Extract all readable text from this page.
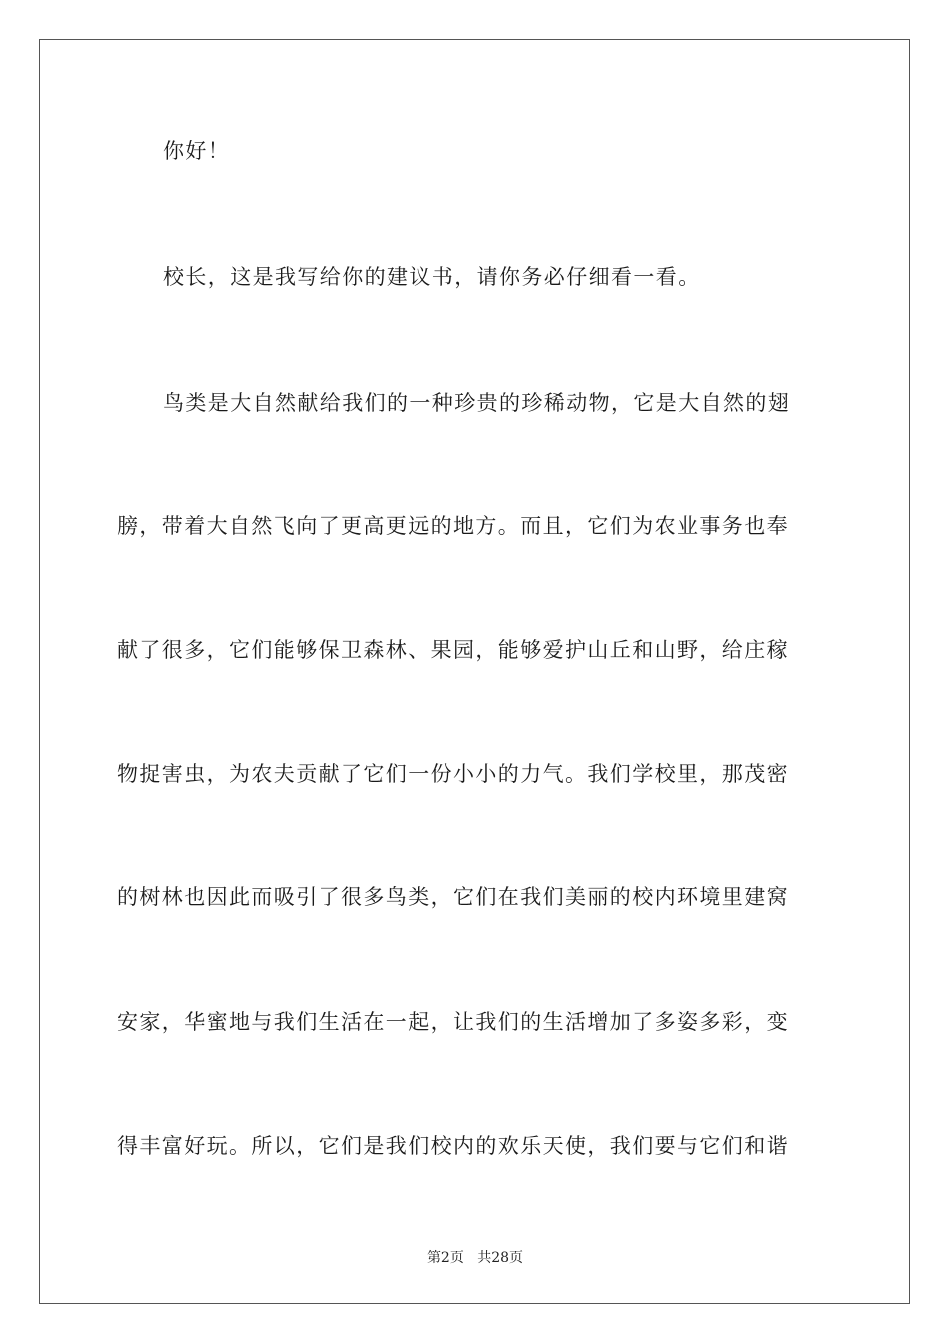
你好！
校长，这是我写给你的建议书，请你务必仔细看一看。
鸟类是大自然献给我们的一种珍贵的珍稀动物，它是大自然的翅
膀，带着大自然飞向了更高更远的地方。而且，它们为农业事务也奉
献了很多，它们能够保卫森林、果园，能够爱护山丘和山野，给庄稼
物捉害虫，为农夫贡献了它们一份小小的力气。我们学校里，那茂密
的树林也因此而吸引了很多鸟类，它们在我们美丽的校内环境里建窝
安家，华蜜地与我们生活在一起，让我们的生活增加了多姿多彩，变
得丰富好玩。所以，它们是我们校内的欢乐天使，我们要与它们和谐
第2页 共28页
